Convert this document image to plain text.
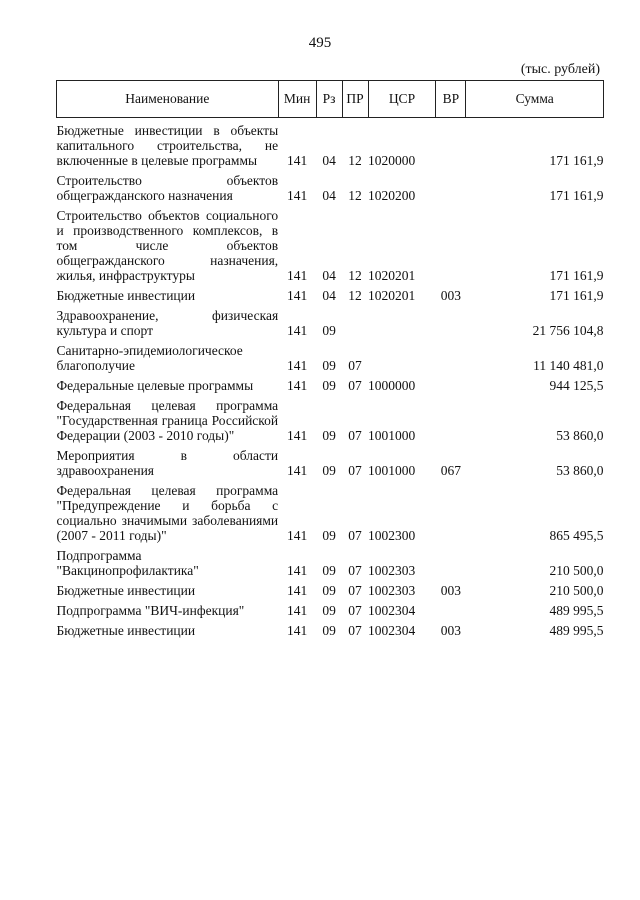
495
(тыс. рублей)
Наименование	Мин	Рз	ПР	ЦСР	ВР	Сумма
Бюджетные инвестиции в объекты капитального строительства, не включенные в целевые программы	141	04	12	1020000		171 161,9
Строительство объектов общегражданского назначения	141	04	12	1020200		171 161,9
Строительство объектов социального и производственного комплексов, в том числе объектов общегражданского назначения, жилья, инфраструктуры	141	04	12	1020201		171 161,9
Бюджетные инвестиции	141	04	12	1020201	003	171 161,9
Здравоохранение, физическая культура и спорт	141	09				21 756 104,8
Санитарно-эпидемиологическое благополучие	141	09	07			11 140 481,0
Федеральные целевые программы	141	09	07	1000000		944 125,5
Федеральная целевая программа "Государственная граница Российской Федерации (2003 - 2010 годы)"	141	09	07	1001000		53 860,0
Мероприятия в области здравоохранения	141	09	07	1001000	067	53 860,0
Федеральная целевая программа "Предупреждение и борьба с социально значимыми заболеваниями (2007 - 2011 годы)"	141	09	07	1002300		865 495,5
Подпрограмма "Вакцинопрофилактика"	141	09	07	1002303		210 500,0
Бюджетные инвестиции	141	09	07	1002303	003	210 500,0
Подпрограмма "ВИЧ-инфекция"	141	09	07	1002304		489 995,5
Бюджетные инвестиции	141	09	07	1002304	003	489 995,5
